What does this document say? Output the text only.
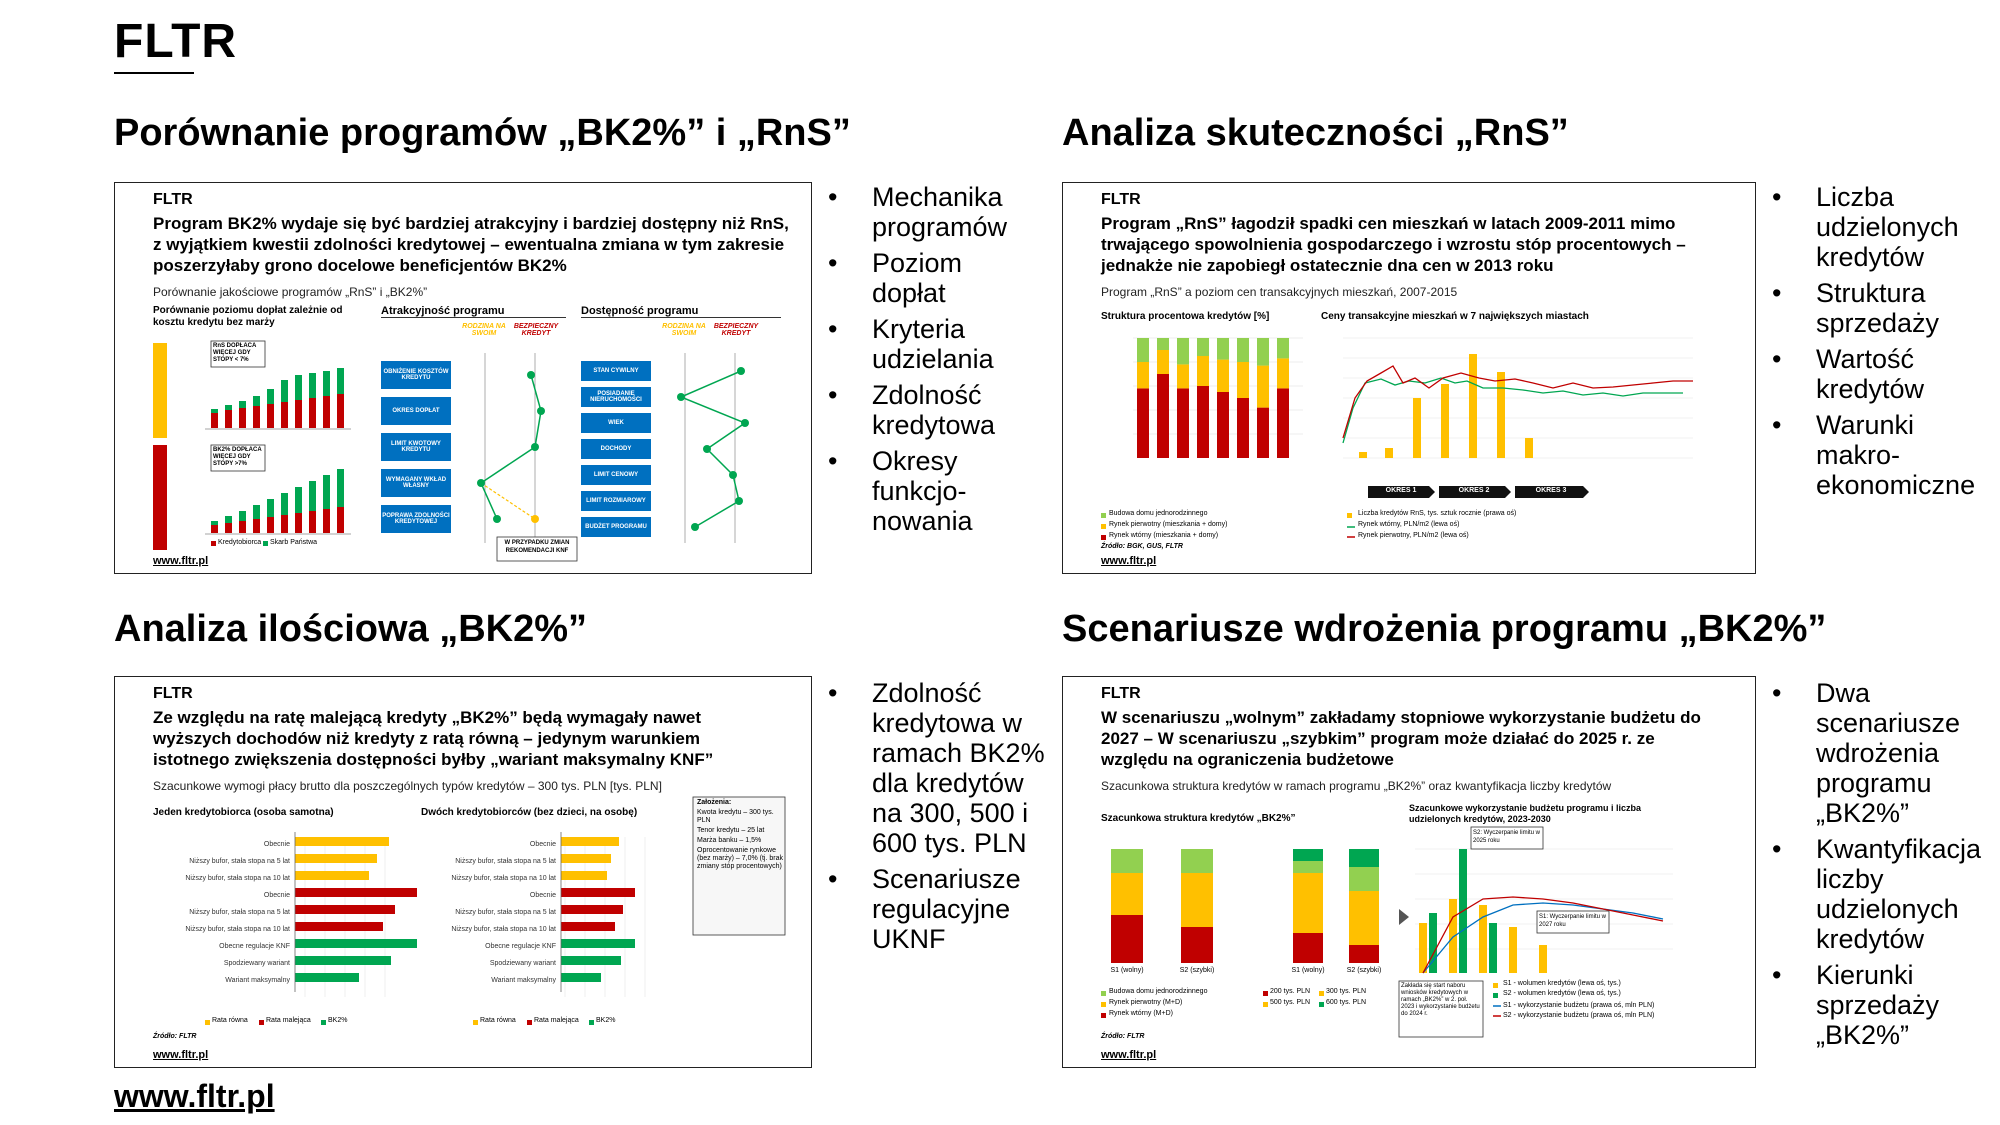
FLTR
Porównanie programów „BK2%” i „RnS”
FLTR
Program BK2% wydaje się być bardziej atrakcyjny i bardziej dostępny niż RnS, z wyjątkiem kwestii zdolności kredytowej – ewentualna zmiana w tym zakresie poszerzyłaby grono docelowe beneficjentów BK2%
Porównanie jakościowe programów „RnS” i „BK2%”
Porównanie poziomu dopłat zależnie od kosztu kredytu bez marży
Atrakcyjność programu	Dostępność programu
RODZINA NA SWOIM
BEZPIECZNY KREDYT
RODZINA NA SWOIM
BEZPIECZNY KREDYT
RODZINA NA SWOIM
BEZPIECZNY KREDYT 2%
RnS DOPŁACA WIĘCEJ GDY STOPY < 7%
BK2% DOPŁACA WIĘCEJ GDY STOPY >7%
Kredytobiorca Skarb Państwa
OBNIŻENIE KOSZTÓW KREDYTU
OKRES DOPŁAT
LIMIT KWOTOWY KREDYTU
WYMAGANY WKŁAD WŁASNY
POPRAWA ZDOLNOŚCI KREDYTOWEJ
STAN CYWILNY
POSIADANIE NIERUCHOMOŚCI
WIEK
DOCHODY
LIMIT CENOWY
LIMIT ROZMIAROWY
BUDŻET PROGRAMU
W PRZYPADKU ZMIAN REKOMENDACJI KNF
www.fltr.pl
• Mechanika programów
• Poziom dopłat
• Kryteria udzielania
• Zdolność kredytowa
• Okresy funkcjo-nowania
Analiza skuteczności „RnS”
FLTR
Program „RnS” łagodził spadki cen mieszkań w latach 2009-2011 mimo trwającego spowolnienia gospodarczego i wzrostu stóp procentowych – jednakże nie zapobiegł ostatecznie dna cen w 2013 roku
Program „RnS” a poziom cen transakcyjnych mieszkań, 2007-2015
Struktura procentowa kredytów [%]	Ceny transakcyjne mieszkań w 7 największych miastach
OKRES 1	OKRES 2	OKRES 3
Budowa domu jednorodzinnego
Rynek pierwotny (mieszkania + domy)
Rynek wtórny (mieszkania + domy)
Liczba kredytów RnS, tys. sztuk rocznie (prawa oś)
Rynek wtórny, PLN/m2 (lewa oś)
Rynek pierwotny, PLN/m2 (lewa oś)
Źródło: BGK, GUS, FLTR
www.fltr.pl
• Liczba udzielonych kredytów
• Struktura sprzedaży
• Wartość kredytów
• Warunki makro-ekonomiczne
Analiza ilościowa „BK2%”
FLTR
Ze względu na ratę malejącą kredyty „BK2%” będą wymagały nawet wyższych dochodów niż kredyty z ratą równą – jedynym warunkiem istotnego zwiększenia dostępności byłby „wariant maksymalny KNF”
Szacunkowe wymogi płacy brutto dla poszczególnych typów kredytów – 300 tys. PLN [tys. PLN]
Jeden kredytobiorca (osoba samotna)	Dwóch kredytobiorców (bez dzieci, na osobę)
Obecnie
Niższy bufor, stała stopa na 5 lat
Niższy bufor, stała stopa na 10 lat
Obecnie
Niższy bufor, stała stopa na 5 lat
Niższy bufor, stała stopa na 10 lat
Obecne regulacje KNF
Spodziewany wariant
Wariant maksymalny
Obecnie
Niższy bufor, stała stopa na 5 lat
Niższy bufor, stała stopa na 10 lat
Obecnie
Niższy bufor, stała stopa na 5 lat
Niższy bufor, stała stopa na 10 lat
Obecne regulacje KNF
Spodziewany wariant
Wariant maksymalny
Założenia:
Kwota kredytu – 300 tys. PLN
Tenor kredytu – 25 lat
Marża banku – 1,5%
Oprocentowanie rynkowe (bez marży) – 7,0% (tj. brak zmiany stóp procentowych)
Rata równa	Rata malejąca BK2%	Rata równa	Rata malejąca BK2%
Źródło: FLTR
www.fltr.pl
• Zdolność kredytowa w ramach BK2% dla kredytów na 300, 500 i 600 tys. PLN
• Scenariusze regulacyjne UKNF
Scenariusze wdrożenia programu „BK2%”
FLTR
W scenariuszu „wolnym” zakładamy stopniowe wykorzystanie budżetu do 2027 – W scenariuszu „szybkim” program może działać do 2025 r. ze względu na ograniczenia budżetowe
Szacunkowa struktura kredytów w ramach programu „BK2%” oraz kwantyfikacja liczby kredytów
Szacunkowa struktura kredytów „BK2%”
Szacunkowe wykorzystanie budżetu programu i liczba udzielonych kredytów, 2023-2030
S1 (wolny)	S2 (szybki)	S1 (wolny)	S2 (szybki)
S2: Wyczerpanie limitu w 2025 roku
S1: Wyczerpanie limitu w 2027 roku
Zakłada się start naboru wniosków kredytowych w ramach „BK2%” w 2. poł. 2023 i wykorzystanie budżetu do 2024 r.
Budowa domu jednorodzinnego
Rynek pierwotny (M+D)
Rynek wtórny (M+D)
200 tys. PLN 300 tys. PLN
500 tys. PLN 600 tys. PLN
S1 - wolumen kredytów (lewa oś, tys.)
S2 - wolumen kredytów (lewa oś, tys.)
S1 - wykorzystanie budżetu (prawa oś, mln PLN)
S2 - wykorzystanie budżetu (prawa oś, mln PLN)
Źródło: FLTR
www.fltr.pl
• Dwa scenariusze wdrożenia programu „BK2%”
• Kwantyfikacja liczby udzielonych kredytów
• Kierunki sprzedaży „BK2%”
www.fltr.pl
